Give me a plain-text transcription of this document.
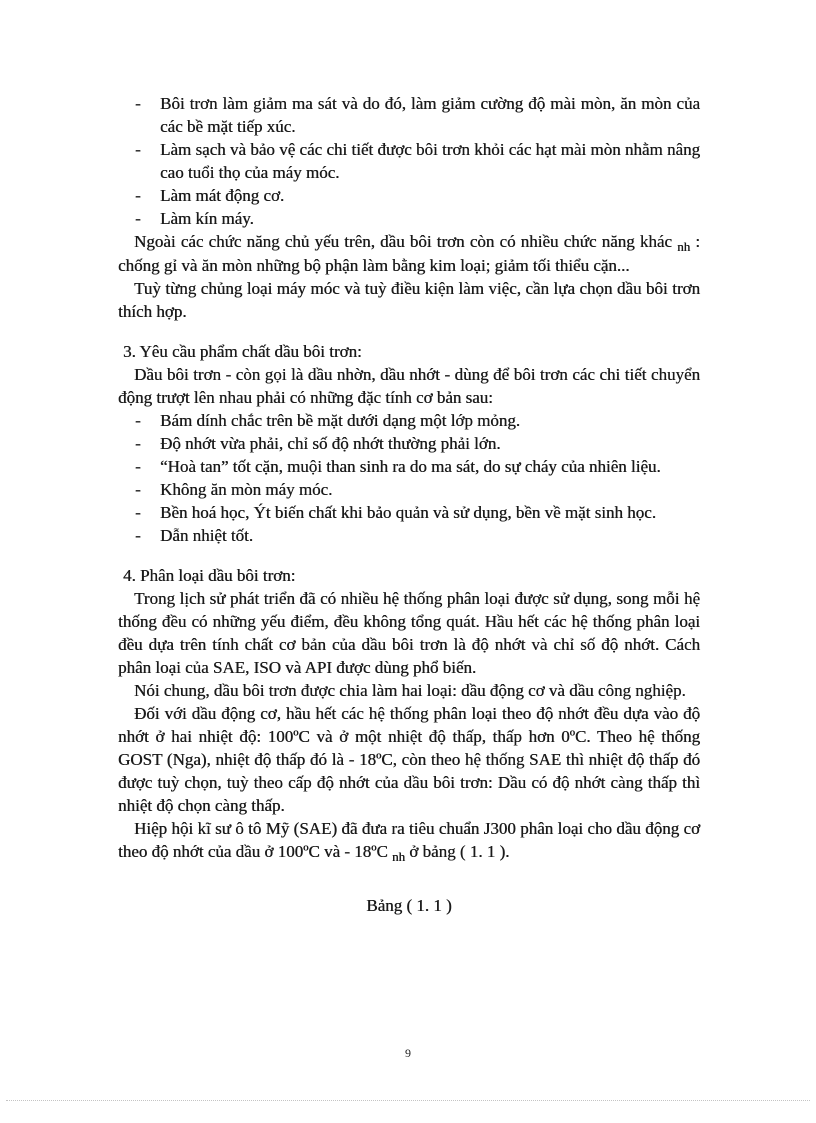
- Bôi trơn làm giảm ma sát và do đó, làm giảm cường độ mài mòn, ăn mòn của các bề mặt tiếp xúc.
- Làm sạch và bảo vệ các chi tiết được bôi trơn khỏi các hạt mài mòn nhằm nâng cao tuổi thọ của máy móc.
- Làm mát động cơ.
- Làm kín máy.

Ngoài các chức năng chủ yếu trên, dầu bôi trơn còn có nhiều chức năng khác $_{nh}$ : chống gỉ và ăn mòn những bộ phận làm bằng kim loại; giảm tối thiểu cặn...

Tuỳ từng chủng loại máy móc và tuỳ điều kiện làm việc, cần lựa chọn dầu bôi trơn thích hợp.

3. Yêu cầu phẩm chất dầu bôi trơn:

Dầu bôi trơn - còn gọi là dầu nhờn, dầu nhớt - dùng để bôi trơn các chi tiết chuyển động trượt lên nhau phải có những đặc tính cơ bản sau:

- Bám dính chắc trên bề mặt dưới dạng một lớp mỏng.
- Độ nhớt vừa phải, chỉ số độ nhớt thường phải lớn.
- “Hoà tan” tốt cặn, muội than sinh ra do ma sát, do sự cháy của nhiên liệu.
- Không ăn mòn máy móc.
- Bền hoá học, Ýt biến chất khi bảo quản và sử dụng, bền về mặt sinh học.
- Dẫn nhiệt tốt.

4. Phân loại dầu bôi trơn:

Trong lịch sử phát triển đã có nhiều hệ thống phân loại được sử dụng, song mỗi hệ thống đều có những yếu điểm, đều không tổng quát. Hầu hết các hệ thống phân loại đều dựa trên tính chất cơ bản của dầu bôi trơn là độ nhớt và chỉ số độ nhớt. Cách phân loại của SAE, ISO và API được dùng phổ biến.

Nói chung, dầu bôi trơn được chia làm hai loại: dầu động cơ và dầu công nghiệp.

Đối với dầu động cơ, hầu hết các hệ thống phân loại theo độ nhớt đều dựa vào độ nhớt ở hai nhiệt độ: 100ºC và ở một nhiệt độ thấp, thấp hơn 0ºC. Theo hệ thống GOST (Nga), nhiệt độ thấp đó là - 18ºC, còn theo hệ thống SAE thì nhiệt độ thấp đó được tuỳ chọn, tuỳ theo cấp độ nhớt của dầu bôi trơn: Dầu có độ nhớt càng thấp thì nhiệt độ chọn càng thấp.

Hiệp hội kĩ sư ô tô Mỹ (SAE) đã đưa ra tiêu chuẩn J300 phân loại cho dầu động cơ theo độ nhớt của dầu ở 100ºC và - 18ºC $_{nh}$ ở bảng ( 1. 1 ).

Bảng ( 1. 1 )

9
